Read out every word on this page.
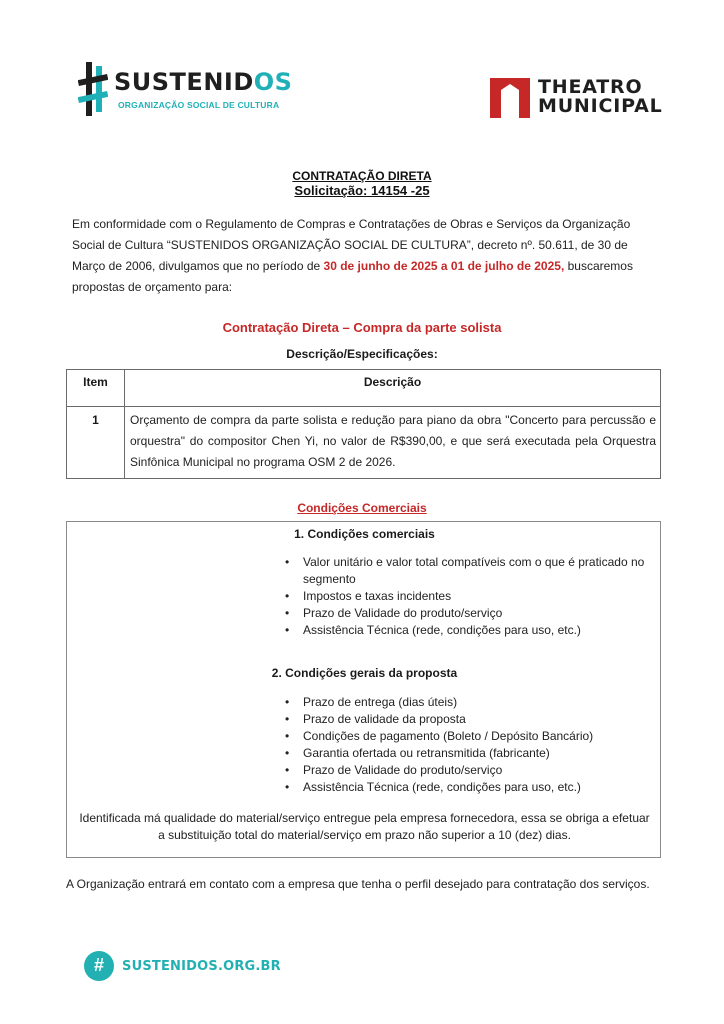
SUSTENIDOS
ORGANIZAÇÃO SOCIAL DE CULTURA
THEATRO
MUNICIPAL
CONTRATAÇÃO DIRETA
Solicitação: 14154 -25
Em conformidade com o Regulamento de Compras e Contratações de Obras e Serviços da Organização Social de Cultura “SUSTENIDOS ORGANIZAÇÃO SOCIAL DE CULTURA”, decreto nº. 50.611, de 30 de Março de 2006, divulgamos que no período de 30 de junho de 2025 a 01 de julho de 2025, buscaremos propostas de orçamento para:
Contratação Direta – Compra da parte solista
Descrição/Especificações:
Item	Descrição
1	Orçamento de compra da parte solista e redução para piano da obra "Concerto para percussão e orquestra" do compositor Chen Yi, no valor de R$390,00, e que será executada pela Orquestra Sinfônica Municipal no programa OSM 2 de 2026.
Condições Comerciais
1. Condições comerciais
• Valor unitário e valor total compatíveis com o que é praticado no segmento
• Impostos e taxas incidentes
• Prazo de Validade do produto/serviço
• Assistência Técnica (rede, condições para uso, etc.)
2. Condições gerais da proposta
• Prazo de entrega (dias úteis)
• Prazo de validade da proposta
• Condições de pagamento (Boleto / Depósito Bancário)
• Garantia ofertada ou retransmitida (fabricante)
• Prazo de Validade do produto/serviço
• Assistência Técnica (rede, condições para uso, etc.)
Identificada má qualidade do material/serviço entregue pela empresa fornecedora, essa se obriga a efetuar a substituição total do material/serviço em prazo não superior a 10 (dez) dias.
A Organização entrará em contato com a empresa que tenha o perfil desejado para contratação dos serviços.
#	SUSTENIDOS.ORG.BR
